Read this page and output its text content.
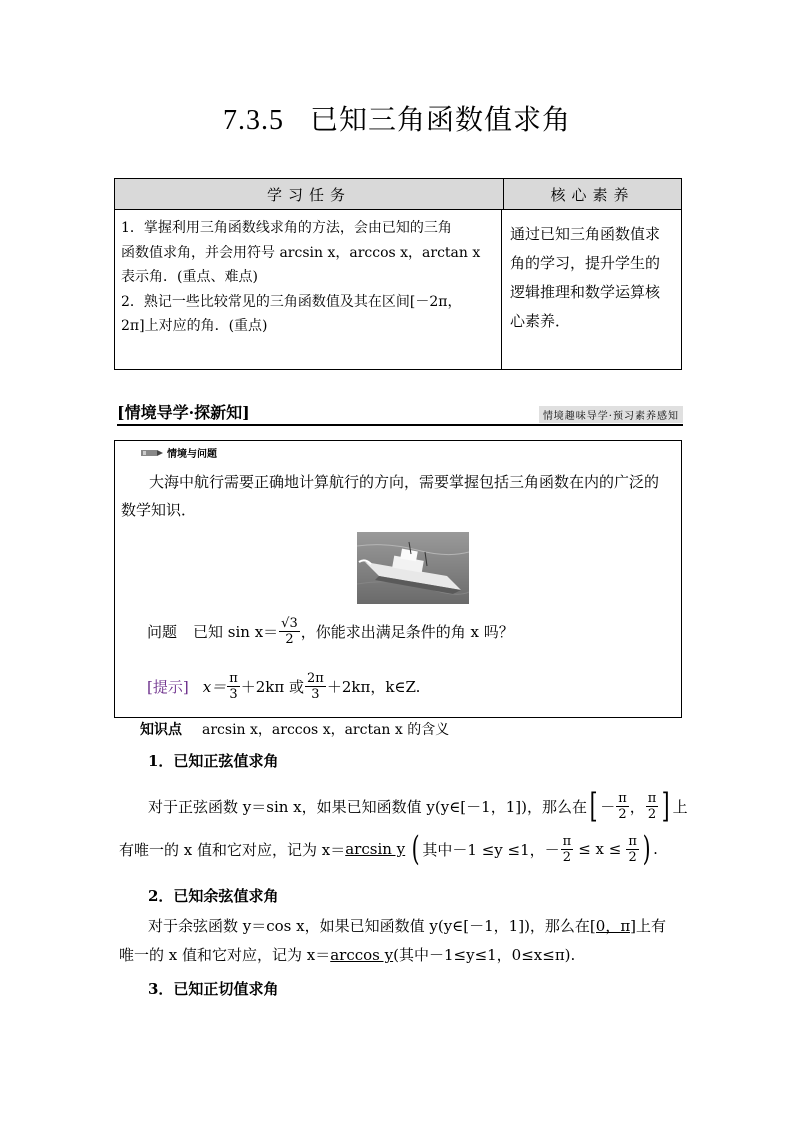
7.3.5 已知三角函数值求角
学习任务	核心素养
1．掌握利用三角函数线求角的方法，会由已知的三角
函数值求角，并会用符号 arcsin x，arccos x，arctan x
表示角．(重点、难点)
2．熟记一些比较常见的三角函数值及其在区间[－2π，
2π]上对应的角．(重点)
通过已知三角函数值求
角的学习，提升学生的
逻辑推理和数学运算核
心素养．
[情境导学·探新知]	情境趣味导学·预习素养感知
情境与问题
大海中航行需要正确地计算航行的方向，需要掌握包括三角函数在内的广泛的数学知识．
问题 已知 $\sin x= \frac{√3}{2}$ ，你能求出满足条件的角 x 吗？
[提示] $x= \frac{\pi}{3} +2k\pi$ 或 $\frac{2\pi}{3} +2k\pi$，k∈Z.
知识点 arcsin x，arccos x，arctan x 的含义
1．已知正弦值求角
对于正弦函数 y＝sin x，如果已知函数值 y(y∈[－1，1])，那么在 [ － $\frac{\pi}{2}$ ， $\frac{\pi}{2}$ ] 上
有唯一的 x 值和它对应，记为 x＝ arcsin y ( 其中－1 ≤y ≤1，－ $\frac{\pi}{2} \le x \le \frac{\pi}{2}$ ) .
2．已知余弦值求角
对于余弦函数 y＝cos x，如果已知函数值 y(y∈[－1，1])，那么在[0，π]上有
唯一的 x 值和它对应，记为 x＝arccos y(其中－1≤y≤1，0≤x≤π).
3．已知正切值求角
